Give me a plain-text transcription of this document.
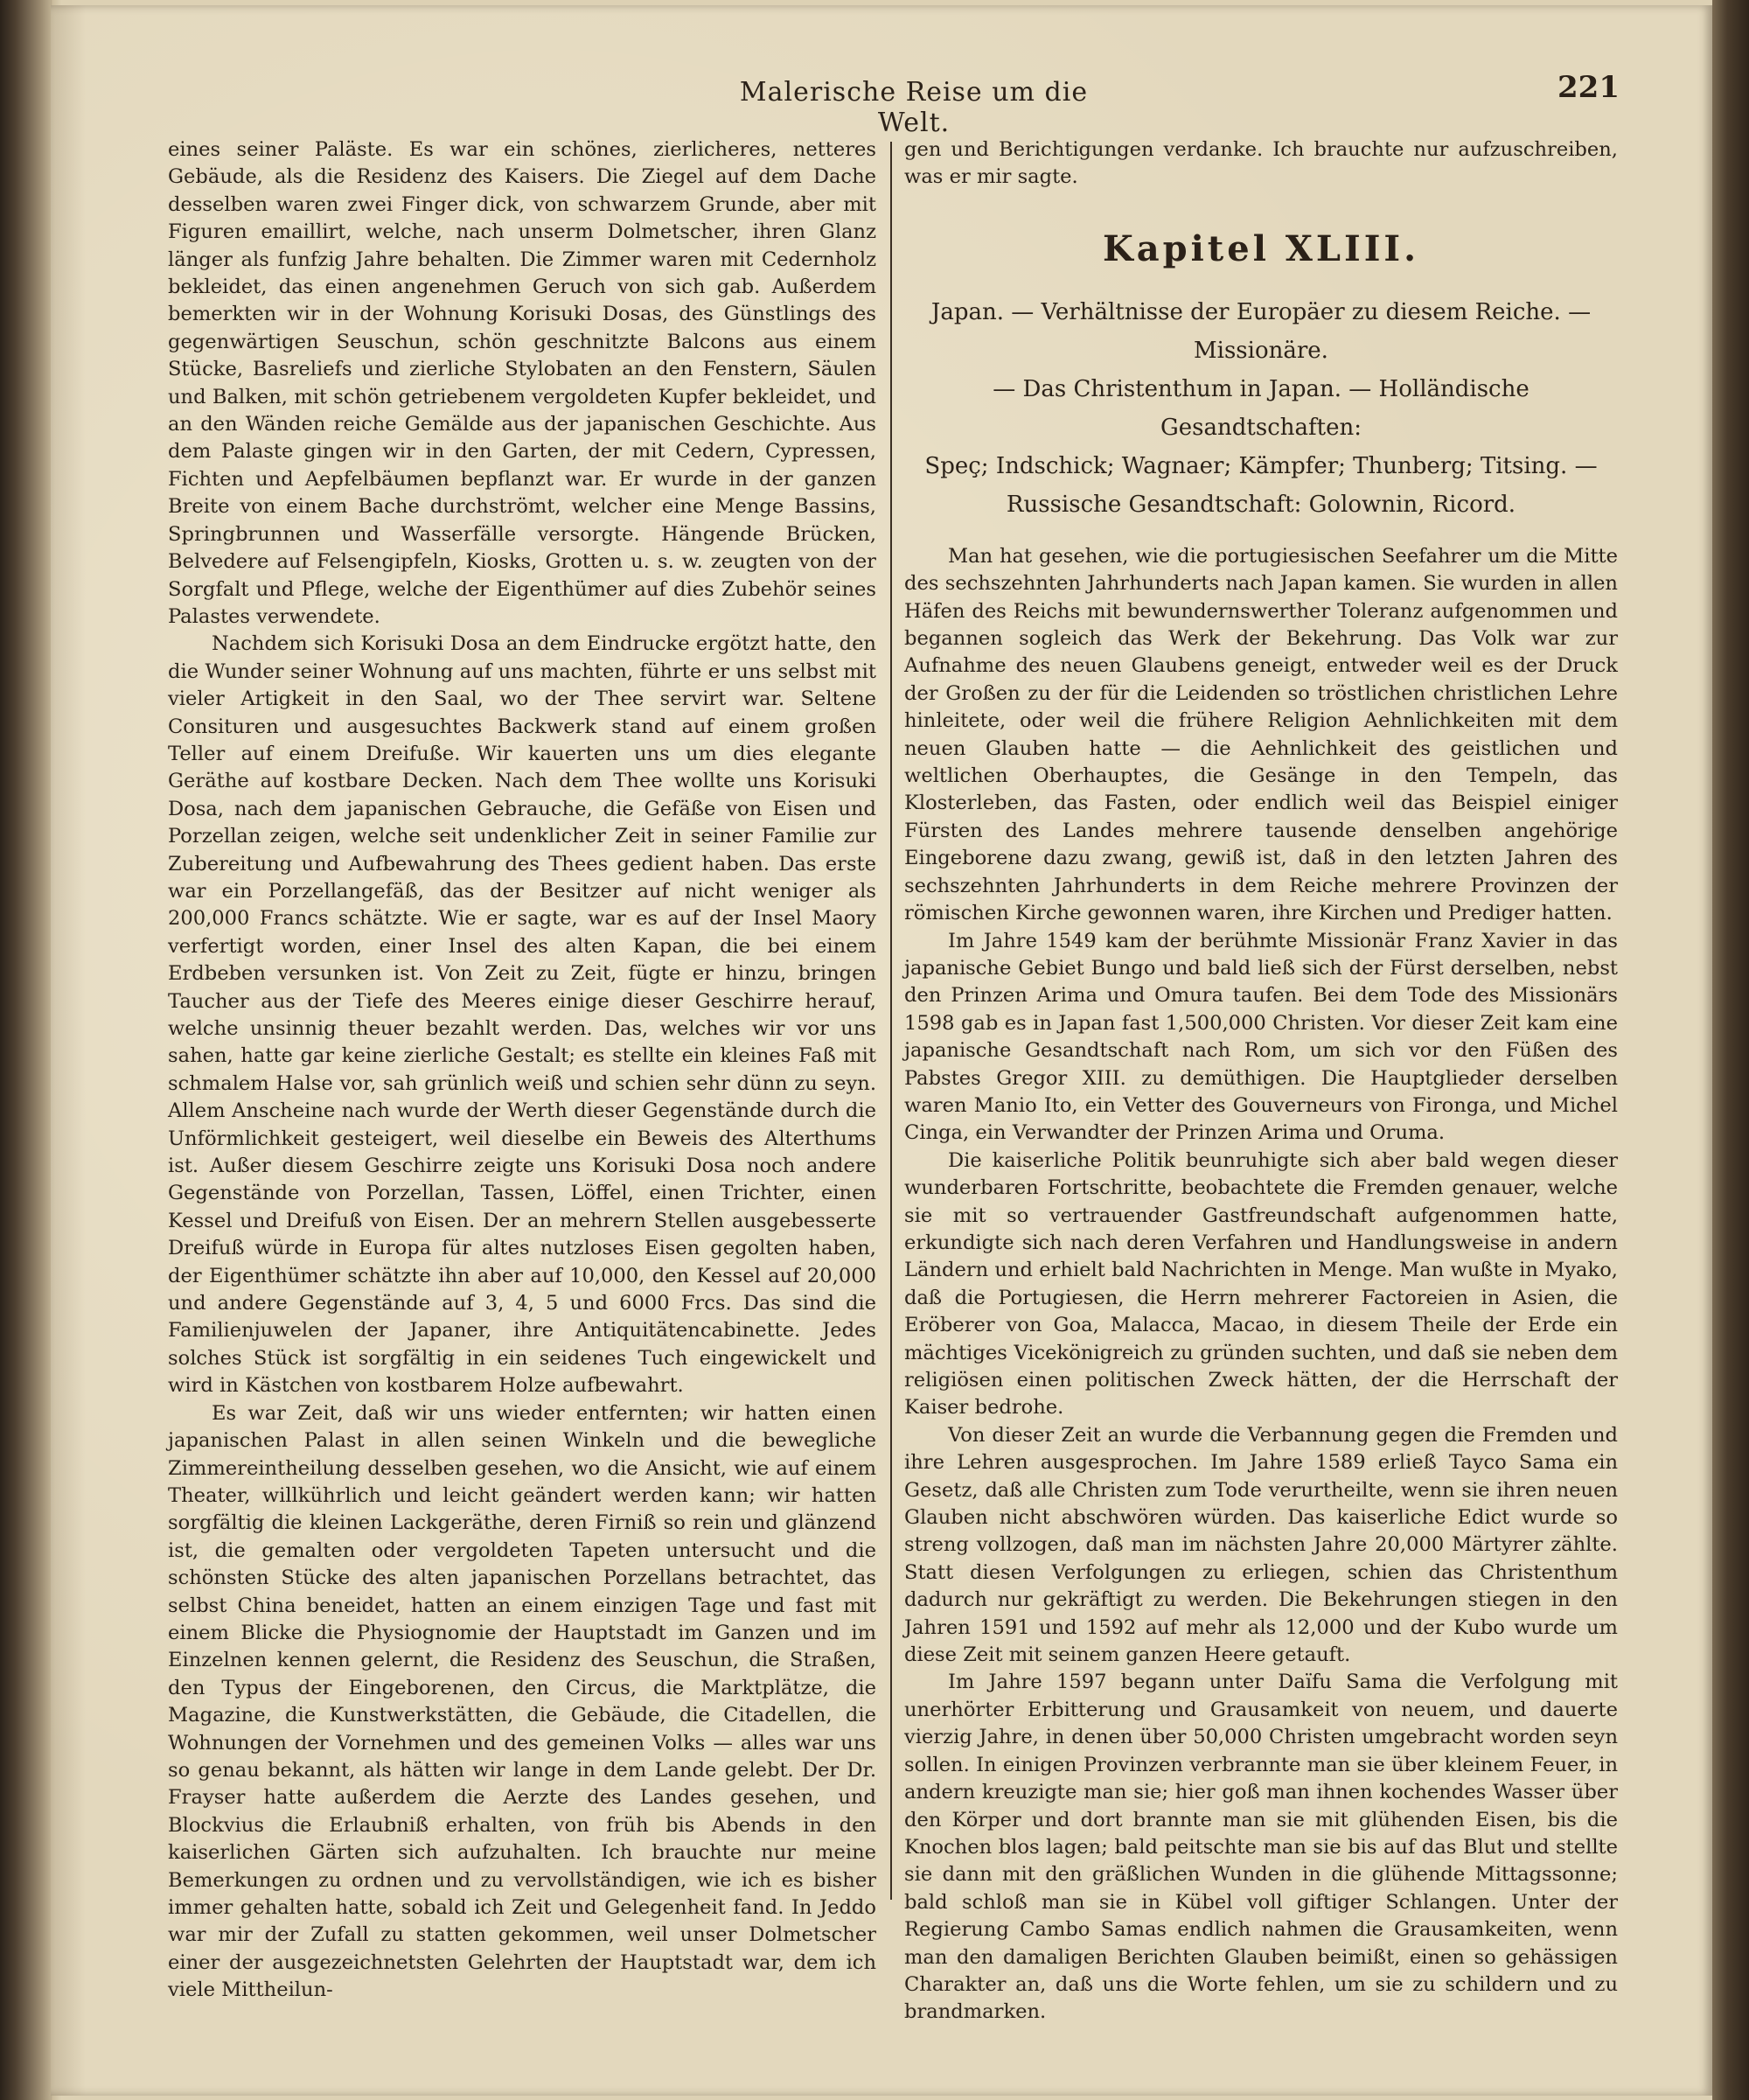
Malerische Reise um die Welt.
221

eines seiner Paläste. Es war ein schönes, zierlicheres, netteres Gebäude, als die Residenz des Kaisers. Die Ziegel auf dem Dache desselben waren zwei Finger dick, von schwarzem Grunde, aber mit Figuren emaillirt, welche, nach unserm Dolmetscher, ihren Glanz länger als funfzig Jahre behalten. Die Zimmer waren mit Cedernholz bekleidet, das einen angenehmen Geruch von sich gab. Außerdem bemerkten wir in der Wohnung Korisuki Dosas, des Günstlings des gegenwärtigen Seuschun, schön geschnitzte Balcons aus einem Stücke, Basreliefs und zierliche Stylobaten an den Fenstern, Säulen und Balken, mit schön getriebenem vergoldeten Kupfer bekleidet, und an den Wänden reiche Gemälde aus der japanischen Geschichte. Aus dem Palaste gingen wir in den Garten, der mit Cedern, Cypressen, Fichten und Aepfelbäumen bepflanzt war. Er wurde in der ganzen Breite von einem Bache durchströmt, welcher eine Menge Bassins, Springbrunnen und Wasserfälle versorgte. Hängende Brücken, Belvedere auf Felsengipfeln, Kiosks, Grotten u. s. w. zeugten von der Sorgfalt und Pflege, welche der Eigenthümer auf dies Zubehör seines Palastes verwendete.

Nachdem sich Korisuki Dosa an dem Eindrucke ergötzt hatte, den die Wunder seiner Wohnung auf uns machten, führte er uns selbst mit vieler Artigkeit in den Saal, wo der Thee servirt war. Seltene Consituren und ausgesuchtes Backwerk stand auf einem großen Teller auf einem Dreifuße. Wir kauerten uns um dies elegante Geräthe auf kostbare Decken. Nach dem Thee wollte uns Korisuki Dosa, nach dem japanischen Gebrauche, die Gefäße von Eisen und Porzellan zeigen, welche seit undenklicher Zeit in seiner Familie zur Zubereitung und Aufbewahrung des Thees gedient haben. Das erste war ein Porzellangefäß, das der Besitzer auf nicht weniger als 200,000 Francs schätzte. Wie er sagte, war es auf der Insel Maory verfertigt worden, einer Insel des alten Kapan, die bei einem Erdbeben versunken ist. Von Zeit zu Zeit, fügte er hinzu, bringen Taucher aus der Tiefe des Meeres einige dieser Geschirre herauf, welche unsinnig theuer bezahlt werden. Das, welches wir vor uns sahen, hatte gar keine zierliche Gestalt; es stellte ein kleines Faß mit schmalem Halse vor, sah grünlich weiß und schien sehr dünn zu seyn. Allem Anscheine nach wurde der Werth dieser Gegenstände durch die Unförmlichkeit gesteigert, weil dieselbe ein Beweis des Alterthums ist. Außer diesem Geschirre zeigte uns Korisuki Dosa noch andere Gegenstände von Porzellan, Tassen, Löffel, einen Trichter, einen Kessel und Dreifuß von Eisen. Der an mehrern Stellen ausgebesserte Dreifuß würde in Europa für altes nutzloses Eisen gegolten haben, der Eigenthümer schätzte ihn aber auf 10,000, den Kessel auf 20,000 und andere Gegenstände auf 3, 4, 5 und 6000 Frcs. Das sind die Familienjuwelen der Japaner, ihre Antiquitätencabinette. Jedes solches Stück ist sorgfältig in ein seidenes Tuch eingewickelt und wird in Kästchen von kostbarem Holze aufbewahrt.

Es war Zeit, daß wir uns wieder entfernten; wir hatten einen japanischen Palast in allen seinen Winkeln und die bewegliche Zimmereintheilung desselben gesehen, wo die Ansicht, wie auf einem Theater, willkührlich und leicht geändert werden kann; wir hatten sorgfältig die kleinen Lackgeräthe, deren Firniß so rein und glänzend ist, die gemalten oder vergoldeten Tapeten untersucht und die schönsten Stücke des alten japanischen Porzellans betrachtet, das selbst China beneidet, hatten an einem einzigen Tage und fast mit einem Blicke die Physiognomie der Hauptstadt im Ganzen und im Einzelnen kennen gelernt, die Residenz des Seuschun, die Straßen, den Typus der Eingeborenen, den Circus, die Marktplätze, die Magazine, die Kunstwerkstätten, die Gebäude, die Citadellen, die Wohnungen der Vornehmen und des gemeinen Volks — alles war uns so genau bekannt, als hätten wir lange in dem Lande gelebt. Der Dr. Frayser hatte außerdem die Aerzte des Landes gesehen, und Blockvius die Erlaubniß erhalten, von früh bis Abends in den kaiserlichen Gärten sich aufzuhalten. Ich brauchte nur meine Bemerkungen zu ordnen und zu vervollständigen, wie ich es bisher immer gehalten hatte, sobald ich Zeit und Gelegenheit fand. In Jeddo war mir der Zufall zu statten gekommen, weil unser Dolmetscher einer der ausgezeichnetsten Gelehrten der Hauptstadt war, dem ich viele Mittheilun-

gen und Berichtigungen verdanke. Ich brauchte nur aufzuschreiben, was er mir sagte.

Kapitel XLIII.
Japan. — Verhältnisse der Europäer zu diesem Reiche. — Missionäre.
— Das Christenthum in Japan. — Holländische Gesandtschaften:
Speç; Indschick; Wagnaer; Kämpfer; Thunberg; Titsing. —
Russische Gesandtschaft: Golownin, Ricord.

Man hat gesehen, wie die portugiesischen Seefahrer um die Mitte des sechszehnten Jahrhunderts nach Japan kamen. Sie wurden in allen Häfen des Reichs mit bewundernswerther Toleranz aufgenommen und begannen sogleich das Werk der Bekehrung. Das Volk war zur Aufnahme des neuen Glaubens geneigt, entweder weil es der Druck der Großen zu der für die Leidenden so tröstlichen christlichen Lehre hinleitete, oder weil die frühere Religion Aehnlichkeiten mit dem neuen Glauben hatte — die Aehnlichkeit des geistlichen und weltlichen Oberhauptes, die Gesänge in den Tempeln, das Klosterleben, das Fasten, oder endlich weil das Beispiel einiger Fürsten des Landes mehrere tausende denselben angehörige Eingeborene dazu zwang, gewiß ist, daß in den letzten Jahren des sechszehnten Jahrhunderts in dem Reiche mehrere Provinzen der römischen Kirche gewonnen waren, ihre Kirchen und Prediger hatten.

Im Jahre 1549 kam der berühmte Missionär Franz Xavier in das japanische Gebiet Bungo und bald ließ sich der Fürst derselben, nebst den Prinzen Arima und Omura taufen. Bei dem Tode des Missionärs 1598 gab es in Japan fast 1,500,000 Christen. Vor dieser Zeit kam eine japanische Gesandtschaft nach Rom, um sich vor den Füßen des Pabstes Gregor XIII. zu demüthigen. Die Hauptglieder derselben waren Manio Ito, ein Vetter des Gouverneurs von Fironga, und Michel Cinga, ein Verwandter der Prinzen Arima und Oruma.

Die kaiserliche Politik beunruhigte sich aber bald wegen dieser wunderbaren Fortschritte, beobachtete die Fremden genauer, welche sie mit so vertrauender Gastfreundschaft aufgenommen hatte, erkundigte sich nach deren Verfahren und Handlungsweise in andern Ländern und erhielt bald Nachrichten in Menge. Man wußte in Myako, daß die Portugiesen, die Herrn mehrerer Factoreien in Asien, die Eröberer von Goa, Malacca, Macao, in diesem Theile der Erde ein mächtiges Vicekönigreich zu gründen suchten, und daß sie neben dem religiösen einen politischen Zweck hätten, der die Herrschaft der Kaiser bedrohe.

Von dieser Zeit an wurde die Verbannung gegen die Fremden und ihre Lehren ausgesprochen. Im Jahre 1589 erließ Tayco Sama ein Gesetz, daß alle Christen zum Tode verurtheilte, wenn sie ihren neuen Glauben nicht abschwören würden. Das kaiserliche Edict wurde so streng vollzogen, daß man im nächsten Jahre 20,000 Märtyrer zählte. Statt diesen Verfolgungen zu erliegen, schien das Christenthum dadurch nur gekräftigt zu werden. Die Bekehrungen stiegen in den Jahren 1591 und 1592 auf mehr als 12,000 und der Kubo wurde um diese Zeit mit seinem ganzen Heere getauft.

Im Jahre 1597 begann unter Daïfu Sama die Verfolgung mit unerhörter Erbitterung und Grausamkeit von neuem, und dauerte vierzig Jahre, in denen über 50,000 Christen umgebracht worden seyn sollen. In einigen Provinzen verbrannte man sie über kleinem Feuer, in andern kreuzigte man sie; hier goß man ihnen kochendes Wasser über den Körper und dort brannte man sie mit glühenden Eisen, bis die Knochen blos lagen; bald peitschte man sie bis auf das Blut und stellte sie dann mit den gräßlichen Wunden in die glühende Mittagssonne; bald schloß man sie in Kübel voll giftiger Schlangen. Unter der Regierung Cambo Samas endlich nahmen die Grausamkeiten, wenn man den damaligen Berichten Glauben beimißt, einen so gehässigen Charakter an, daß uns die Worte fehlen, um sie zu schildern und zu brandmarken.
